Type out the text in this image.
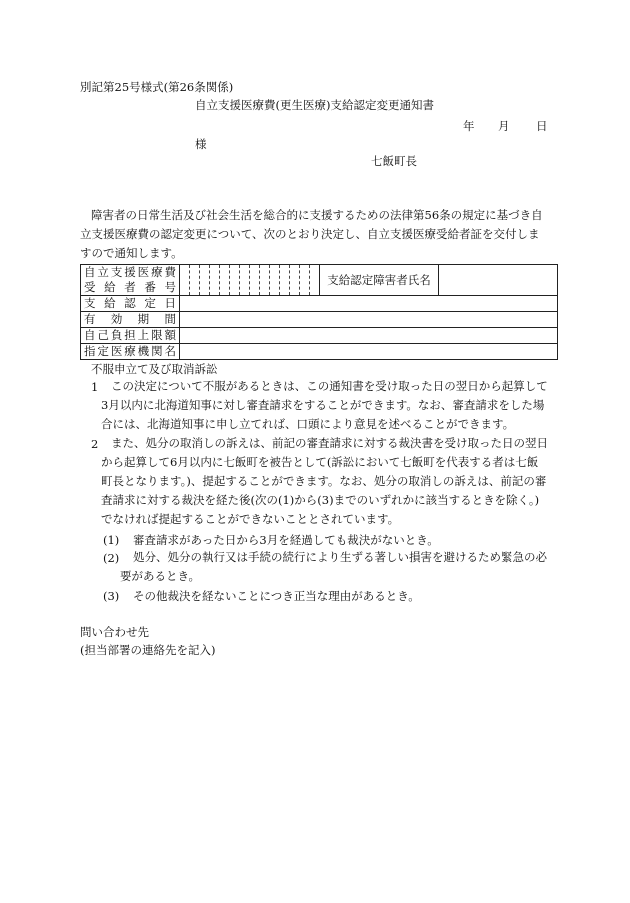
別記第25号様式(第26条関係)
自立支援医療費(更生医療)支給認定変更通知書
年 月 日
様
七飯町長
障害者の日常生活及び社会生活を総合的に支援するための法律第56条の規定に基づき自立支援医療費の認定変更について、次のとおり決定し、自立支援医療受給者証を交付しますので通知します。
自立支援医療費
受給者番号															支給認定障害者氏名	
支給認定日																
有効期間																
自己負担上限額																
指定医療機関名																
不服申立て及び取消訴訟
1	この決定について不服があるときは、この通知書を受け取った日の翌日から起算して3月以内に北海道知事に対し審査請求をすることができます。なお、審査請求をした場合には、北海道知事に申し立てれば、口頭により意見を述べることができます。
2	また、処分の取消しの訴えは、前記の審査請求に対する裁決書を受け取った日の翌日から起算して6月以内に七飯町を被告として(訴訟において七飯町を代表する者は七飯町長となります。)、提起することができます。なお、処分の取消しの訴えは、前記の審査請求に対する裁決を経た後(次の(1)から(3)までのいずれかに該当するときを除く。)でなければ提起することができないこととされています。
(1) 審査請求があった日から3月を経過しても裁決がないとき。
(2)	処分、処分の執行又は手続の続行により生ずる著しい損害を避けるため緊急の必要があるとき。
(3) その他裁決を経ないことにつき正当な理由があるとき。
問い合わせ先
(担当部署の連絡先を記入)
